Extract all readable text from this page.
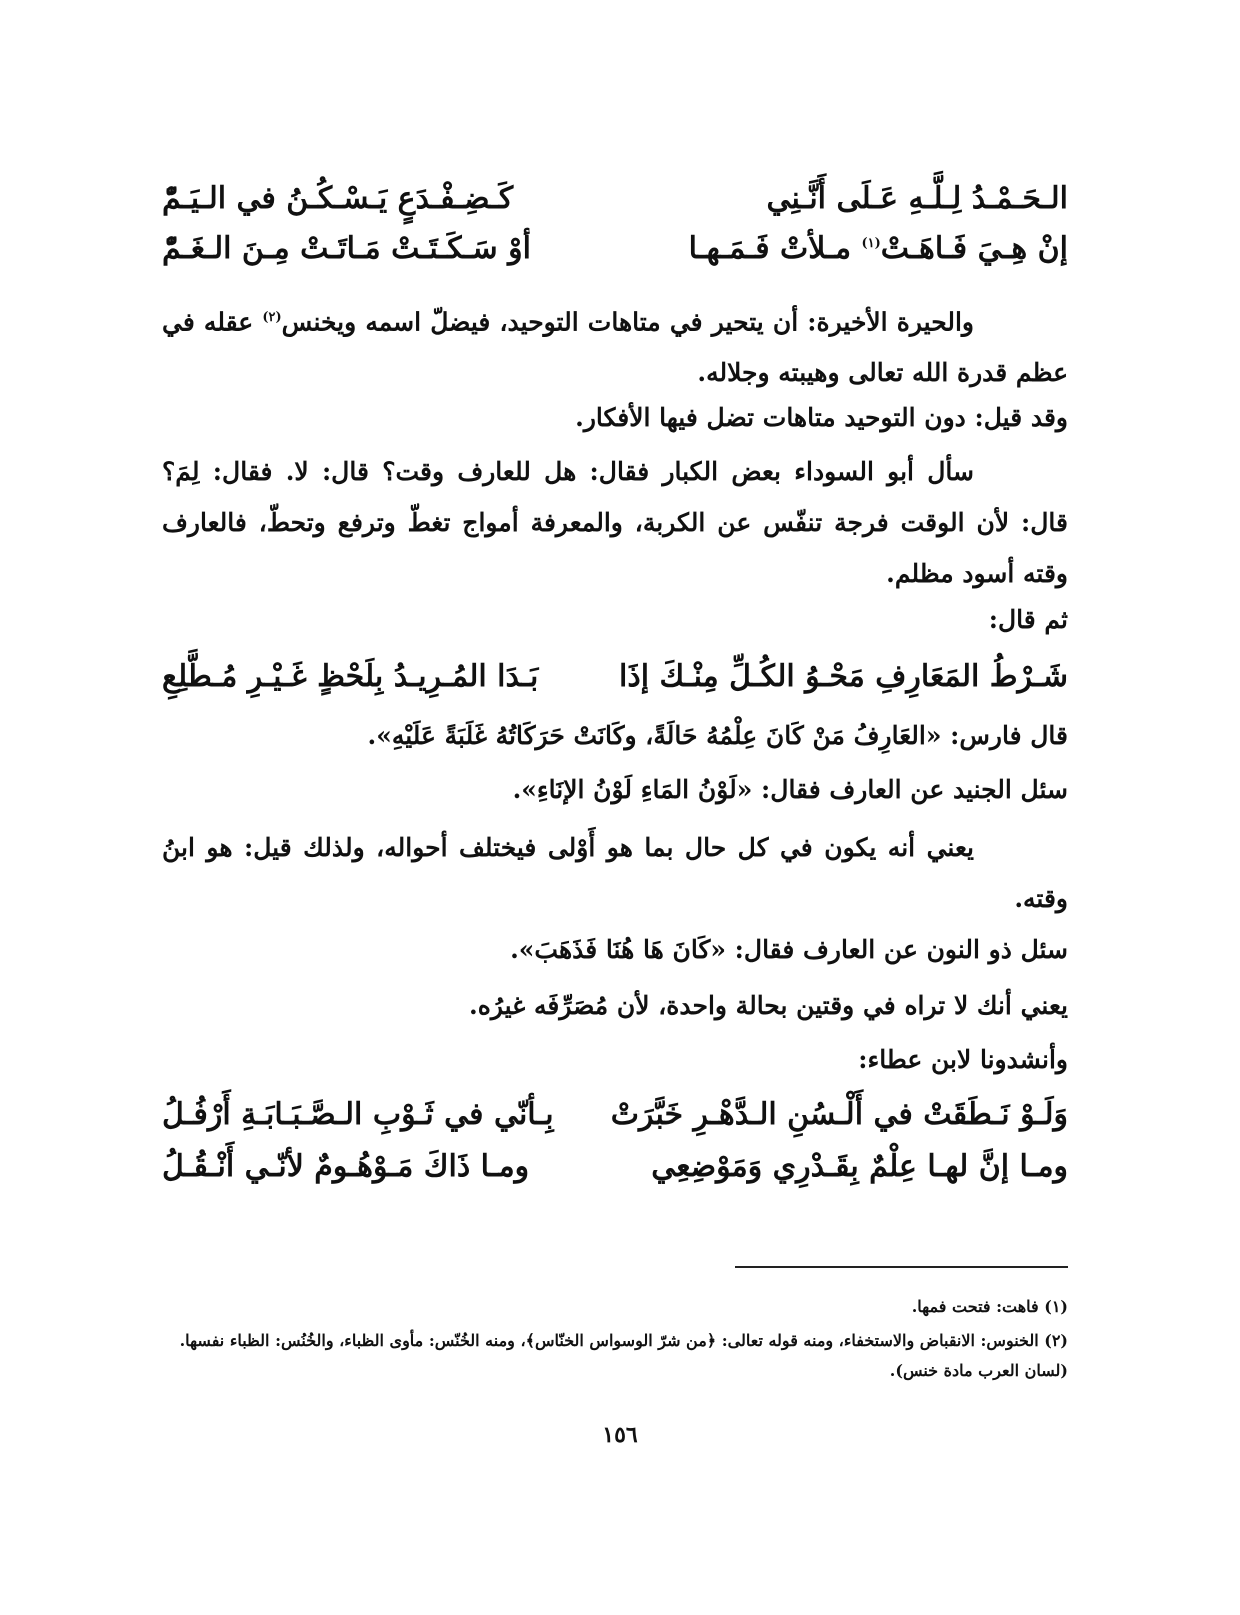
الـحَـمْـدُ لِـلَّـهِ عَـلَى أَنَّـنِي
كَـضِـفْـدَعٍ يَـسْـكُـنُ في الـيَـمّْ
إنْ هِـيَ فَـاهَـتْ$^{(١)}$ مـلأتْ فَـمَـهـا
أوْ سَـكَـتَـتْ مَـاتَـتْ مِـنَ الـغَـمّْ

والحيرة الأخيرة: أن يتحير في متاهات التوحيد، فيضلّ اسمه ويخنس$^{(٢)}$ عقله في عظم قدرة الله تعالى وهيبته وجلاله.

وقد قيل: دون التوحيد متاهات تضل فيها الأفكار.

سأل أبو السوداء بعض الكبار فقال: هل للعارف وقت؟ قال: لا. فقال: لِمَ؟ قال: لأن الوقت فرجة تنفّس عن الكربة، والمعرفة أمواج تغطّ وترفع وتحطّ، فالعارف وقته أسود مظلم.

ثم قال:
شَـرْطُ المَعَارِفِ مَحْـوُ الكُـلِّ مِنْـكَ إذَا
بَـدَا المُـرِيـدُ بِلَحْظٍ غَـيْـرِ مُـطَّلِعِ
قال فارس: «العَارِفُ مَنْ كَانَ عِلْمُهُ حَالَةً، وكَانَتْ حَرَكَاتُهُ غَلَبَةً عَلَيْهِ».
سئل الجنيد عن العارف فقال: «لَوْنُ المَاءِ لَوْنُ الإنَاءِ».

يعني أنه يكون في كل حال بما هو أَوْلى فيختلف أحواله، ولذلك قيل: هو ابنُ وقته.

سئل ذو النون عن العارف فقال: «كَانَ هَا هُنَا فَذَهَبَ».
يعني أنك لا تراه في وقتين بحالة واحدة، لأن مُصَرِّفَه غيرُه.
وأنشدونا لابن عطاء:
وَلَـوْ نَـطَقَتْ في أَلْـسُنِ الـدَّهْـرِ خَبَّرَتْ
بِـأنّي في ثَـوْبِ الـصَّـبَـابَـةِ أَرْفُـلُ
ومـا إنَّ لهـا عِلْمٌ بِقَـدْرِي وَمَوْضِعِي
ومـا ذَاكَ مَـوْهُـومٌ لأنّـي أَنْـقُـلُ

(١) فاهت: فتحت فمها.

(٢) الخنوس: الانقباض والاستخفاء، ومنه قوله تعالى: ﴿من شرّ الوسواس الخنّاس﴾، ومنه الخُنّس: مأوى الظباء، والخُنُس: الظباء نفسها. (لسان العرب مادة خنس).

١٥٦
